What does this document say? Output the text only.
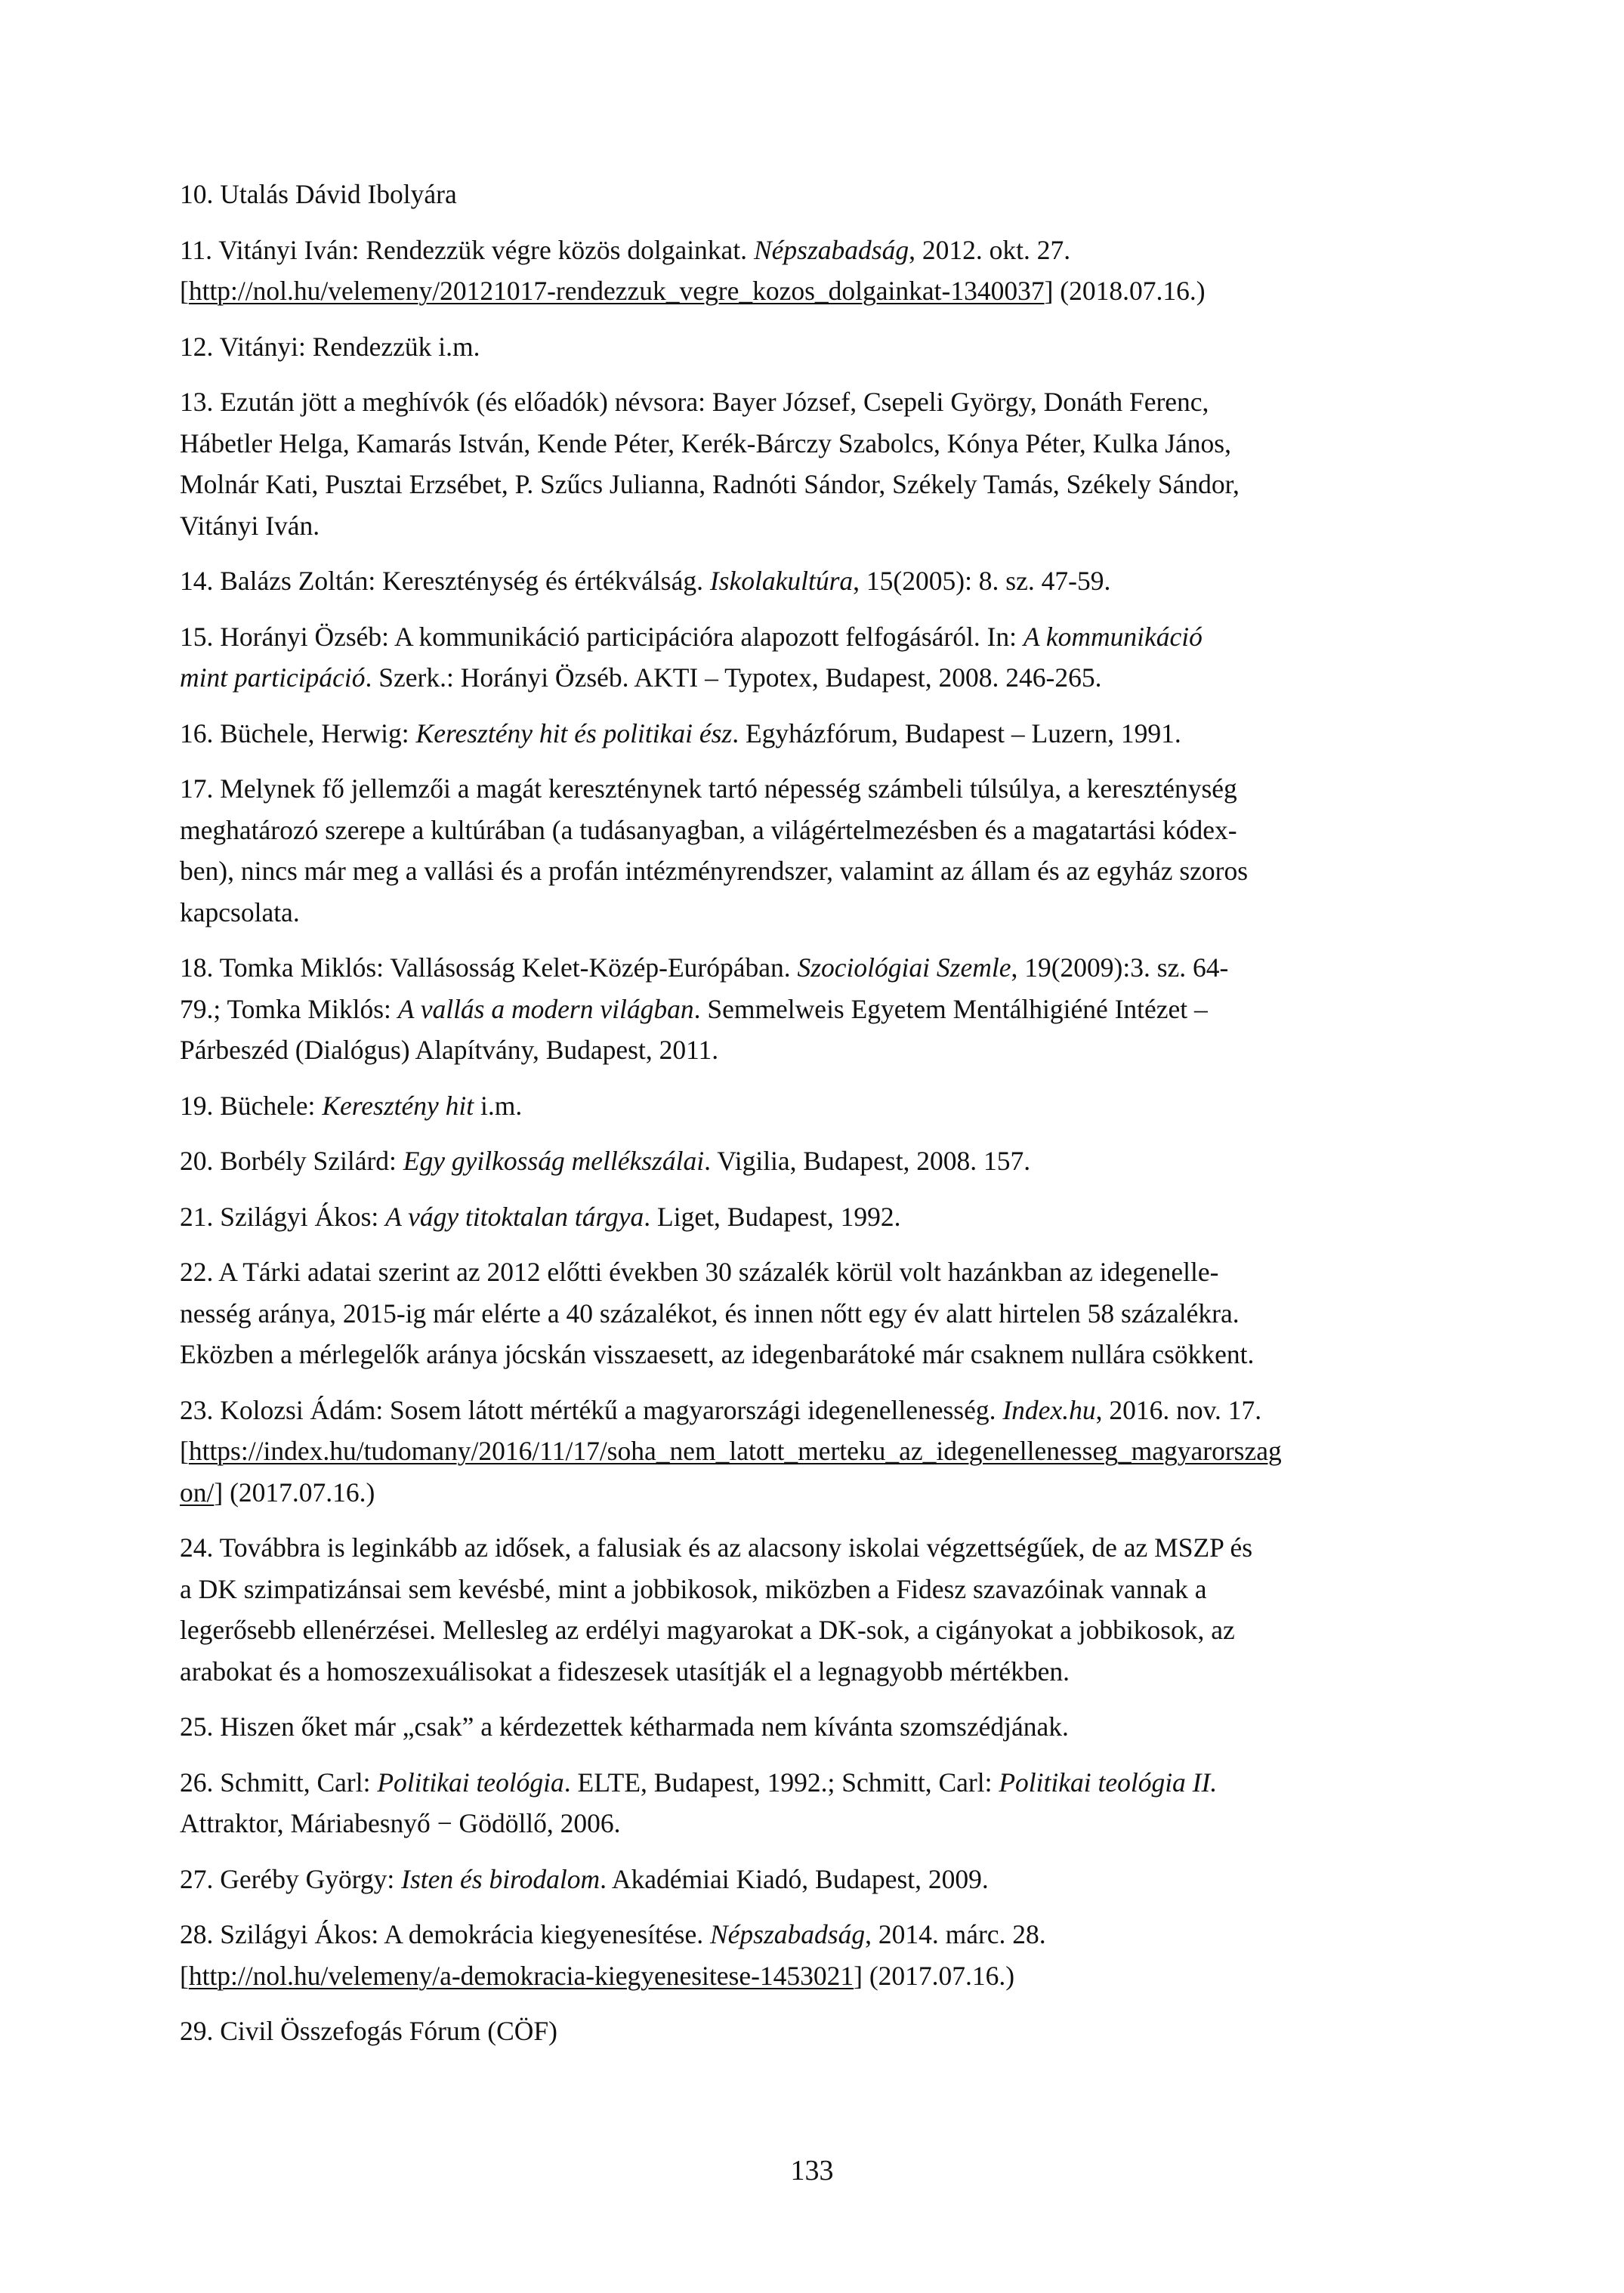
10. Utalás Dávid Ibolyára
11. Vitányi Iván: Rendezzük végre közös dolgainkat. Népszabadság, 2012. okt. 27.
[http://nol.hu/velemeny/20121017-rendezzuk_vegre_kozos_dolgainkat-1340037] (2018.07.16.)
12. Vitányi: Rendezzük i.m.
13. Ezután jött a meghívók (és előadók) névsora: Bayer József, Csepeli György, Donáth Ferenc,
Hábetler Helga, Kamarás István, Kende Péter, Kerék-Bárczy Szabolcs, Kónya Péter, Kulka János,
Molnár Kati, Pusztai Erzsébet, P. Szűcs Julianna, Radnóti Sándor, Székely Tamás, Székely Sándor,
Vitányi Iván.
14. Balázs Zoltán: Kereszténység és értékválság. Iskolakultúra, 15(2005): 8. sz. 47-59.
15. Horányi Özséb: A kommunikáció participációra alapozott felfogásáról. In: A kommunikáció
mint participáció. Szerk.: Horányi Özséb. AKTI – Typotex, Budapest, 2008. 246-265.
16. Büchele, Herwig: Keresztény hit és politikai ész. Egyházfórum, Budapest – Luzern, 1991.
17. Melynek fő jellemzői a magát kereszténynek tartó népesség számbeli túlsúlya, a kereszténység
meghatározó szerepe a kultúrában (a tudásanyagban, a világértelmezésben és a magatartási kódex-
ben), nincs már meg a vallási és a profán intézményrendszer, valamint az állam és az egyház szoros
kapcsolata.
18. Tomka Miklós: Vallásosság Kelet-Közép-Európában. Szociológiai Szemle, 19(2009):3. sz. 64-
79.; Tomka Miklós: A vallás a modern világban. Semmelweis Egyetem Mentálhigiéné Intézet –
Párbeszéd (Dialógus) Alapítvány, Budapest, 2011.
19. Büchele: Keresztény hit i.m.
20. Borbély Szilárd: Egy gyilkosság mellékszálai. Vigilia, Budapest, 2008. 157.
21. Szilágyi Ákos: A vágy titoktalan tárgya. Liget, Budapest, 1992.
22. A Tárki adatai szerint az 2012 előtti években 30 százalék körül volt hazánkban az idegenelle-
nesség aránya, 2015-ig már elérte a 40 százalékot, és innen nőtt egy év alatt hirtelen 58 százalékra.
Eközben a mérlegelők aránya jócskán visszaesett, az idegenbarátoké már csaknem nullára csökkent.
23. Kolozsi Ádám: Sosem látott mértékű a magyarországi idegenellenesség. Index.hu, 2016. nov. 17.
[https://index.hu/tudomany/2016/11/17/soha_nem_latott_merteku_az_idegenellenesseg_magyarorszag
on/] (2017.07.16.)
24. Továbbra is leginkább az idősek, a falusiak és az alacsony iskolai végzettségűek, de az MSZP és
a DK szimpatizánsai sem kevésbé, mint a jobbikosok, miközben a Fidesz szavazóinak vannak a
legerősebb ellenérzései. Mellesleg az erdélyi magyarokat a DK-sok, a cigányokat a jobbikosok, az
arabokat és a homoszexuálisokat a fideszesek utasítják el a legnagyobb mértékben.
25. Hiszen őket már „csak” a kérdezettek kétharmada nem kívánta szomszédjának.
26. Schmitt, Carl: Politikai teológia. ELTE, Budapest, 1992.; Schmitt, Carl: Politikai teológia II.
Attraktor, Máriabesnyő − Gödöllő, 2006.
27. Geréby György: Isten és birodalom. Akadémiai Kiadó, Budapest, 2009.
28. Szilágyi Ákos: A demokrácia kiegyenesítése. Népszabadság, 2014. márc. 28.
[http://nol.hu/velemeny/a-demokracia-kiegyenesitese-1453021] (2017.07.16.)
29. Civil Összefogás Fórum (CÖF)
133
